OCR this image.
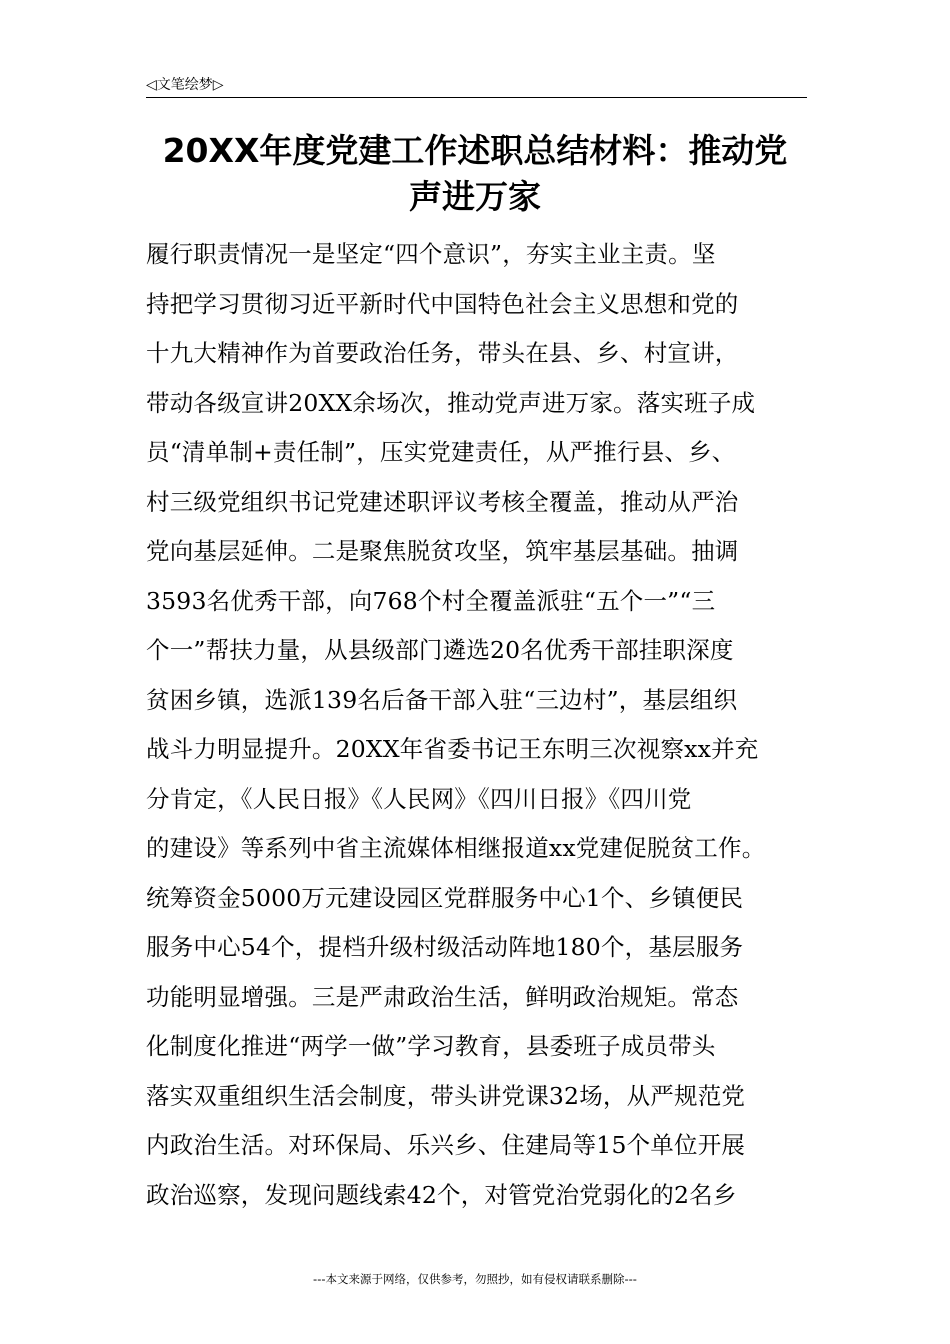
◁文笔绘梦▷
20XX年度党建工作述职总结材料：推动党
声进万家
履行职责情况一是坚定“四个意识”，夯实主业主责。坚
持把学习贯彻习近平新时代中国特色社会主义思想和党的
十九大精神作为首要政治任务，带头在县、乡、村宣讲，
带动各级宣讲20XX余场次，推动党声进万家。落实班子成
员“清单制+责任制”，压实党建责任，从严推行县、乡、
村三级党组织书记党建述职评议考核全覆盖，推动从严治
党向基层延伸。二是聚焦脱贫攻坚，筑牢基层基础。抽调
3593名优秀干部，向768个村全覆盖派驻“五个一”“三
个一”帮扶力量，从县级部门遴选20名优秀干部挂职深度
贫困乡镇，选派139名后备干部入驻“三边村”，基层组织
战斗力明显提升。20XX年省委书记王东明三次视察xx并充
分肯定，《人民日报》《人民网》《四川日报》《四川党
的建设》等系列中省主流媒体相继报道xx党建促脱贫工作。
统筹资金5000万元建设园区党群服务中心1个、乡镇便民
服务中心54个，提档升级村级活动阵地180个，基层服务
功能明显增强。三是严肃政治生活，鲜明政治规矩。常态
化制度化推进“两学一做”学习教育，县委班子成员带头
落实双重组织生活会制度，带头讲党课32场，从严规范党
内政治生活。对环保局、乐兴乡、住建局等15个单位开展
政治巡察，发现问题线索42个，对管党治党弱化的2名乡
---本文来源于网络，仅供参考，勿照抄，如有侵权请联系删除---
